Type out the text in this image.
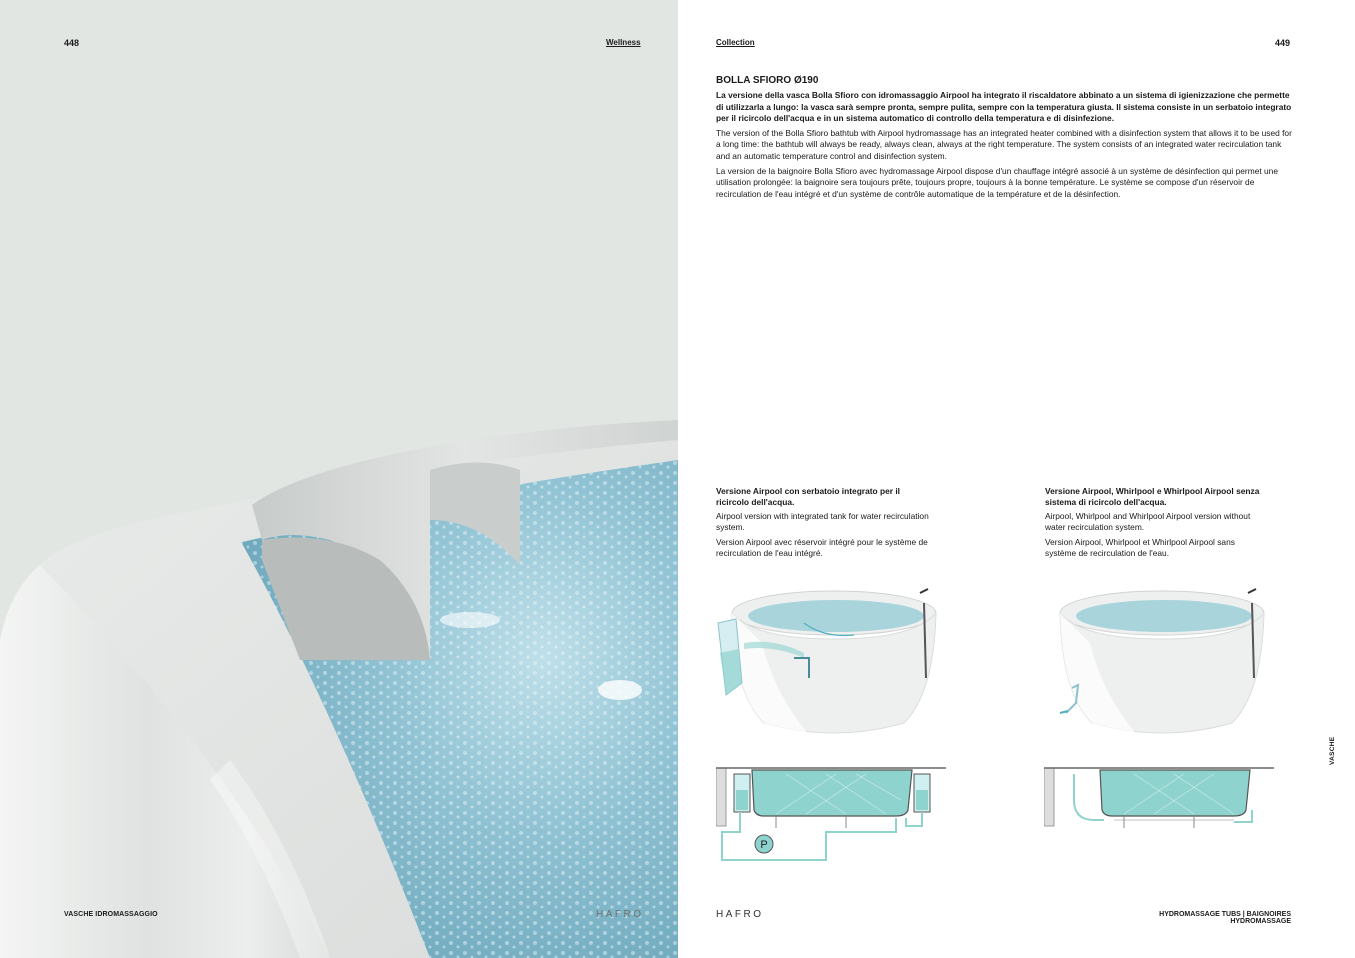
448	Wellness
VASCHE IDROMASSAGGIO	HAFRO
Collection	449
BOLLA SFIORO Ø190

La versione della vasca Bolla Sfioro con idromassaggio Airpool ha integrato il riscaldatore abbinato a un sistema di igienizzazione che permette di utilizzarla a lungo: la vasca sarà sempre pronta, sempre pulita, sempre con la temperatura giusta. Il sistema consiste in un serbatoio integrato per il ricircolo dell'acqua e in un sistema automatico di controllo della temperatura e di disinfezione.

The version of the Bolla Sfioro bathtub with Airpool hydromassage has an integrated heater combined with a disinfection system that allows it to be used for a long time: the bathtub will always be ready, always clean, always at the right temperature. The system consists of an integrated water recirculation tank and an automatic temperature control and disinfection system.

La version de la baignoire Bolla Sfioro avec hydromassage Airpool dispose d'un chauffage intégré associé à un système de désinfection qui permet une utilisation prolongée: la baignoire sera toujours prête, toujours propre, toujours à la bonne température. Le système se compose d'un réservoir de recirculation de l'eau intégré et d'un système de contrôle automatique de la température et de la désinfection.

Versione Airpool con serbatoio integrato per il ricircolo dell'acqua.
Airpool version with integrated tank for water recirculation system.
Version Airpool avec réservoir intégré pour le système de recirculation de l'eau intégré.
Versione Airpool, Whirlpool e Whirlpool Airpool senza sistema di ricircolo dell'acqua.
Airpool, Whirlpool and Whirlpool Airpool version without water recirculation system.
Version Airpool, Whirlpool et Whirlpool Airpool sans système de recirculation de l'eau.
P
VASCHE
HAFRO	HYDROMASSAGE TUBS | BAIGNOIRES HYDROMASSAGE
